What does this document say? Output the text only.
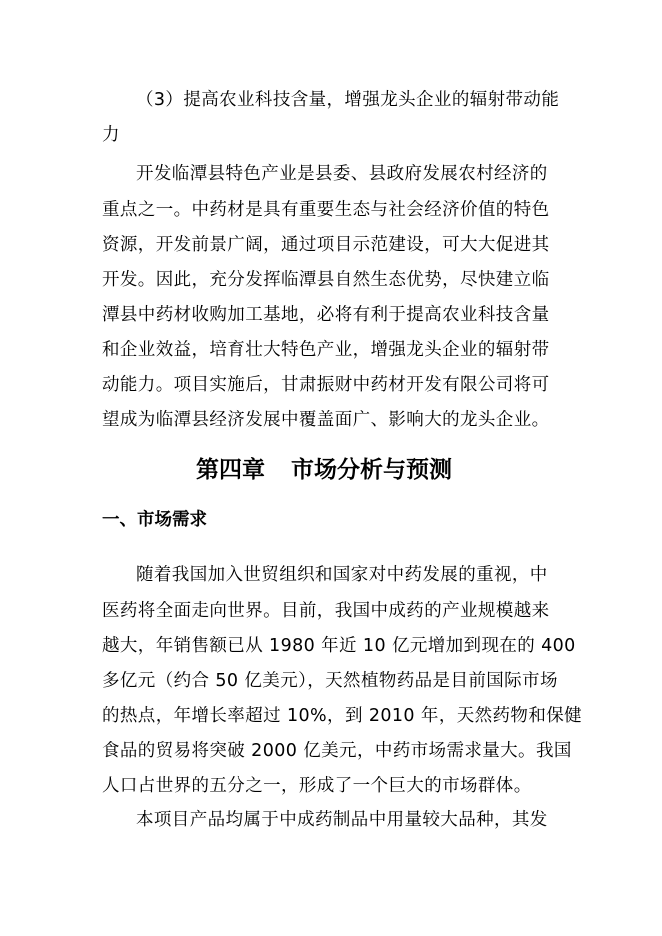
（3）提高农业科技含量，增强龙头企业的辐射带动能
力
开发临潭县特色产业是县委、县政府发展农村经济的
重点之一。中药材是具有重要生态与社会经济价值的特色
资源，开发前景广阔，通过项目示范建设，可大大促进其
开发。因此，充分发挥临潭县自然生态优势，尽快建立临
潭县中药材收购加工基地，必将有利于提高农业科技含量
和企业效益，培育壮大特色产业，增强龙头企业的辐射带
动能力。项目实施后，甘肃振财中药材开发有限公司将可
望成为临潭县经济发展中覆盖面广、影响大的龙头企业。
第四章 市场分析与预测
一、市场需求
随着我国加入世贸组织和国家对中药发展的重视，中
医药将全面走向世界。目前，我国中成药的产业规模越来
越大，年销售额已从 1980 年近 10 亿元增加到现在的 400
多亿元（约合 50 亿美元），天然植物药品是目前国际市场
的热点，年增长率超过 10%，到 2010 年，天然药物和保健
食品的贸易将突破 2000 亿美元，中药市场需求量大。我国
人口占世界的五分之一，形成了一个巨大的市场群体。
本项目产品均属于中成药制品中用量较大品种，其发
